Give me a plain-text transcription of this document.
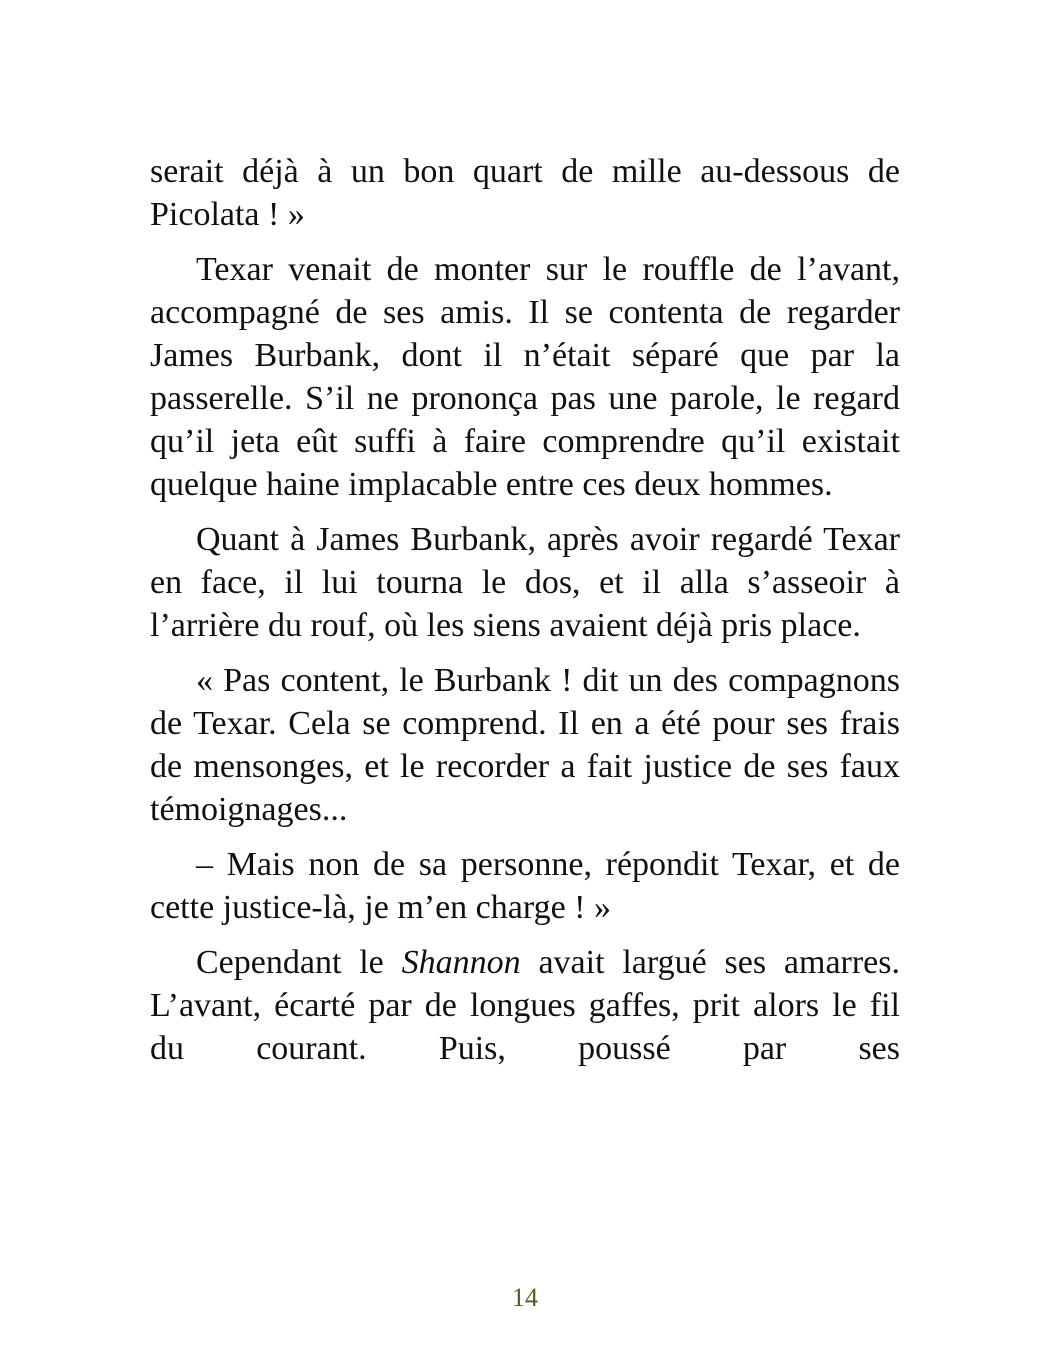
serait déjà à un bon quart de mille au-dessous de Picolata ! »

Texar venait de monter sur le rouffle de l’avant, accompagné de ses amis. Il se contenta de regarder James Burbank, dont il n’était séparé que par la passerelle. S’il ne prononça pas une parole, le regard qu’il jeta eût suffi à faire comprendre qu’il existait quelque haine implacable entre ces deux hommes.

Quant à James Burbank, après avoir regardé Texar en face, il lui tourna le dos, et il alla s’asseoir à l’arrière du rouf, où les siens avaient déjà pris place.

« Pas content, le Burbank ! dit un des compagnons de Texar. Cela se comprend. Il en a été pour ses frais de mensonges, et le recorder a fait justice de ses faux témoignages...

– Mais non de sa personne, répondit Texar, et de cette justice-là, je m’en charge ! »

Cependant le Shannon avait largué ses amarres. L’avant, écarté par de longues gaffes, prit alors le fil du courant. Puis, poussé par ses

14
